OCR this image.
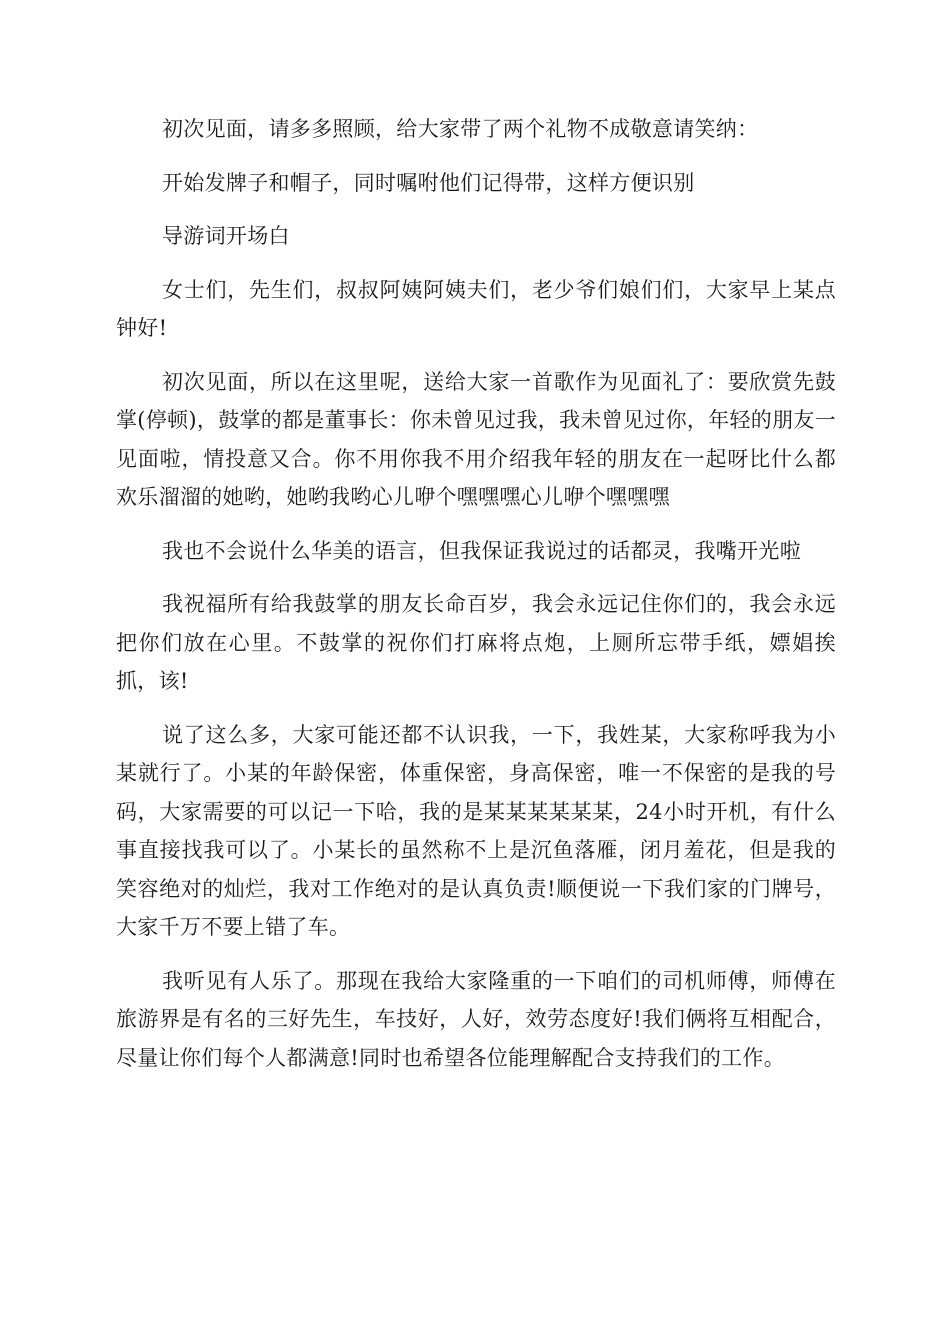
初次见面，请多多照顾，给大家带了两个礼物不成敬意请笑纳：

开始发牌子和帽子，同时嘱咐他们记得带，这样方便识别

导游词开场白

女士们，先生们，叔叔阿姨阿姨夫们，老少爷们娘们们，大家早上某点钟好!

初次见面，所以在这里呢，送给大家一首歌作为见面礼了：要欣赏先鼓掌(停顿)，鼓掌的都是董事长：你未曾见过我，我未曾见过你，年轻的朋友一见面啦，情投意又合。你不用你我不用介绍我年轻的朋友在一起呀比什么都欢乐溜溜的她哟，她哟我哟心儿咿个嘿嘿嘿心儿咿个嘿嘿嘿

我也不会说什么华美的语言，但我保证我说过的话都灵，我嘴开光啦

我祝福所有给我鼓掌的朋友长命百岁，我会永远记住你们的，我会永远把你们放在心里。不鼓掌的祝你们打麻将点炮，上厕所忘带手纸，嫖娼挨抓，该!

说了这么多，大家可能还都不认识我，一下，我姓某，大家称呼我为小某就行了。小某的年龄保密，体重保密，身高保密，唯一不保密的是我的号码，大家需要的可以记一下哈，我的是某某某某某某，24小时开机，有什么事直接找我可以了。小某长的虽然称不上是沉鱼落雁，闭月羞花，但是我的笑容绝对的灿烂，我对工作绝对的是认真负责!顺便说一下我们家的门牌号，大家千万不要上错了车。

我听见有人乐了。那现在我给大家隆重的一下咱们的司机师傅，师傅在旅游界是有名的三好先生，车技好，人好，效劳态度好!我们俩将互相配合，尽量让你们每个人都满意!同时也希望各位能理解配合支持我们的工作。
